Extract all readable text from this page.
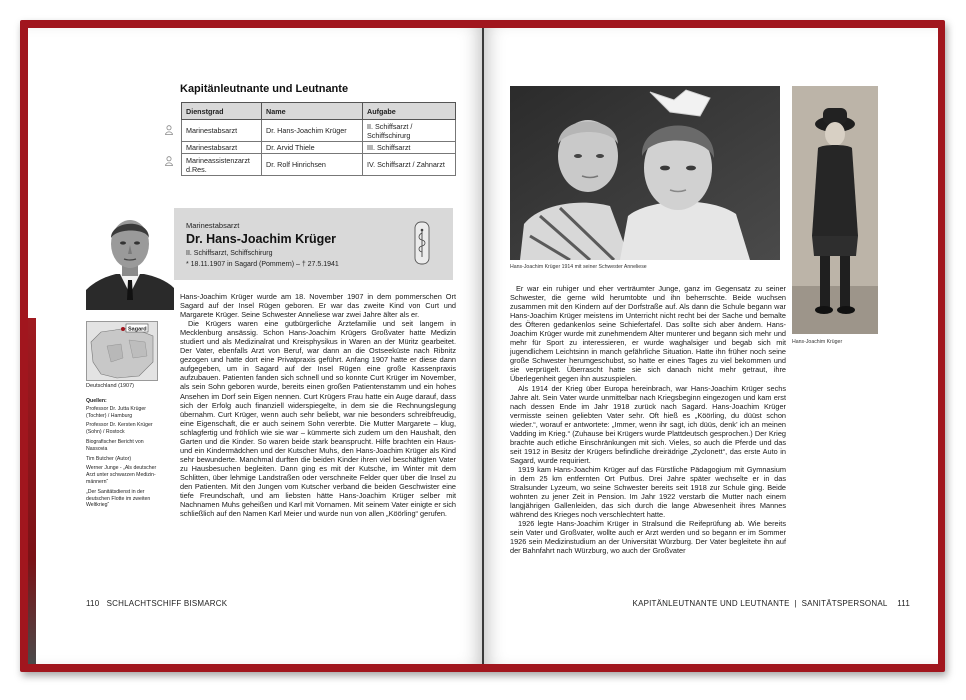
Kapitänleutnante und Leutnante
Dienstgrad	Name	Aufgabe
Marinestabsarzt	Dr. Hans-Joachim Krüger	II. Schiffsarzt / Schiffschirurg
Marinestabsarzt	Dr. Arvid Thiele	III. Schiffsarzt
Marineassistenzarzt d.Res.	Dr. Rolf Hinrichsen	IV. Schiffsarzt / Zahnarzt
Marinestabsarzt
Dr. Hans-Joachim Krüger
II. Schiffsarzt, Schiffschirurg
* 18.11.1907 in Sagard (Pommern) – † 27.5.1941
Sagard
Deutschland (1907)
Quellen:

Professor Dr. Jutta Krüger (Tochter) / Hamburg

Professor Dr. Kersten Krüger (Sohn) / Rostock

Biografischer Bericht von Nassovia

Tim Butcher (Autor)

Werner Junge - „Als deutscher Arzt unter schwarzen Medizin-männern“

„Der Sanitätsdienst in der deutschen Flotte im zweiten Weltkrieg“

Hans-Joachim Krüger wurde am 18. November 1907 in dem pommerschen Ort Sagard auf der Insel Rügen geboren. Er war das zweite Kind von Curt und Margarete Krüger. Seine Schwester Anneliese war zwei Jahre älter als er.

Die Krügers waren eine gutbürgerliche Ärztefamilie und seit langem in Mecklenburg ansässig. Schon Hans-Joachim Krügers Großvater hatte Medizin studiert und als Medizinalrat und Kreisphysikus in Waren an der Müritz gearbeitet. Der Vater, ebenfalls Arzt von Beruf, war dann an die Ostseeküste nach Ribnitz gezogen und hatte dort eine Privatpraxis geführt. Anfang 1907 hatte er diese dann aufgegeben, um in Sagard auf der Insel Rügen eine große Kassenpraxis aufzubauen. Patienten fanden sich schnell und so konnte Curt Krüger im November, als sein Sohn geboren wurde, bereits einen großen Patientenstamm und ein hohes Ansehen im Dorf sein Eigen nennen. Curt Krügers Frau hatte ein Auge darauf, dass sich der Erfolg auch finanziell widerspiegelte, in dem sie die Rechnungslegung übernahm. Curt Krüger, wenn auch sehr beliebt, war nie besonders schreibfreudig, eine Eigenschaft, die er auch seinem Sohn vererbte. Die Mutter Margarete – klug, schlagfertig und fröhlich wie sie war – kümmerte sich zudem um den Haushalt, den Garten und die Kinder. So waren beide stark beansprucht. Hilfe brachten ein Haus- und ein Kindermädchen und der Kutscher Muhs, den Hans-Joachim Krüger als Kind sehr bewunderte. Manchmal durften die beiden Kinder ihren viel beschäftigten Vater zu Hausbesuchen begleiten. Dann ging es mit der Kutsche, im Winter mit dem Schlitten, über lehmige Landstraßen oder verschneite Felder quer über die Insel zu den Patienten. Mit den Jungen vom Kutscher verband die beiden Geschwister eine tiefe Freundschaft, und am liebsten hätte Hans-Joachim Krüger selber mit Nachnamen Muhs geheißen und Karl mit Vornamen. Mit seinem Vater einigte er sich schließlich auf den Namen Karl Meier und wurde nun von allen „Köörling“ gerufen.

110 SCHLACHTSCHIFF BISMARCK
Hans-Joachim Krüger 1914 mit seiner Schwester Anneliese
Hans-Joachim Krüger

Er war ein ruhiger und eher verträumter Junge, ganz im Gegensatz zu seiner Schwester, die gerne wild herumtobte und ihn beherrschte. Beide wuchsen zusammen mit den Kindern auf der Dorfstraße auf. Als dann die Schule begann war Hans-Joachim Krüger meistens im Unterricht nicht recht bei der Sache und bemalte des Öfteren gedankenlos seine Schiefertafel. Das sollte sich aber ändern. Hans-Joachim Krüger wurde mit zunehmendem Alter munterer und begann sich mehr und mehr für Sport zu interessieren, er wurde waghalsiger und begab sich mit jugendlichem Leichtsinn in manch gefährliche Situation. Hatte ihn früher noch seine große Schwester herumgeschubst, so hatte er eines Tages zu viel bekommen und sie verprügelt. Überrascht hatte sie sich danach nicht mehr getraut, ihre Überlegenheit gegen ihn auszuspielen.

Als 1914 der Krieg über Europa hereinbrach, war Hans-Joachim Krüger sechs Jahre alt. Sein Vater wurde unmittelbar nach Kriegsbeginn eingezogen und kam erst nach dessen Ende im Jahr 1918 zurück nach Sagard. Hans-Joachim Krüger vermisste seinen geliebten Vater sehr. Oft hieß es „Köörling, du düüst schon wieder.“, worauf er antwortete: „Immer, wenn ihr sagt, ich düüs, denk’ ich an meinen Vadding im Krieg.“ (Zuhause bei Krügers wurde Plattdeutsch gesprochen.) Der Krieg brachte auch etliche Einschränkungen mit sich. Vieles, so auch die Pferde und das seit 1912 in Besitz der Krügers befindliche dreirädrige „Zyclonett“, das erste Auto in Sagard, wurde requiriert.

1919 kam Hans-Joachim Krüger auf das Fürstliche Pädagogium mit Gymnasium in dem 25 km entfernten Ort Putbus. Drei Jahre später wechselte er in das Stralsunder Lyzeum, wo seine Schwester bereits seit 1918 zur Schule ging. Beide wohnten zu jener Zeit in Pension. Im Jahr 1922 verstarb die Mutter nach einem langjährigen Gallenleiden, das sich durch die lange Abwesenheit ihres Mannes während des Krieges noch verschlechtert hatte.

1926 legte Hans-Joachim Krüger in Stralsund die Reifeprüfung ab. Wie bereits sein Vater und Großvater, wollte auch er Arzt werden und so begann er im Sommer 1926 sein Medizinstudium an der Universität Würzburg. Der Vater begleitete ihn auf der Bahnfahrt nach Würzburg, wo auch der Großvater

KAPITÄNLEUTNANTE UND LEUTNANTE  |  SANITÄTSPERSONAL 111
